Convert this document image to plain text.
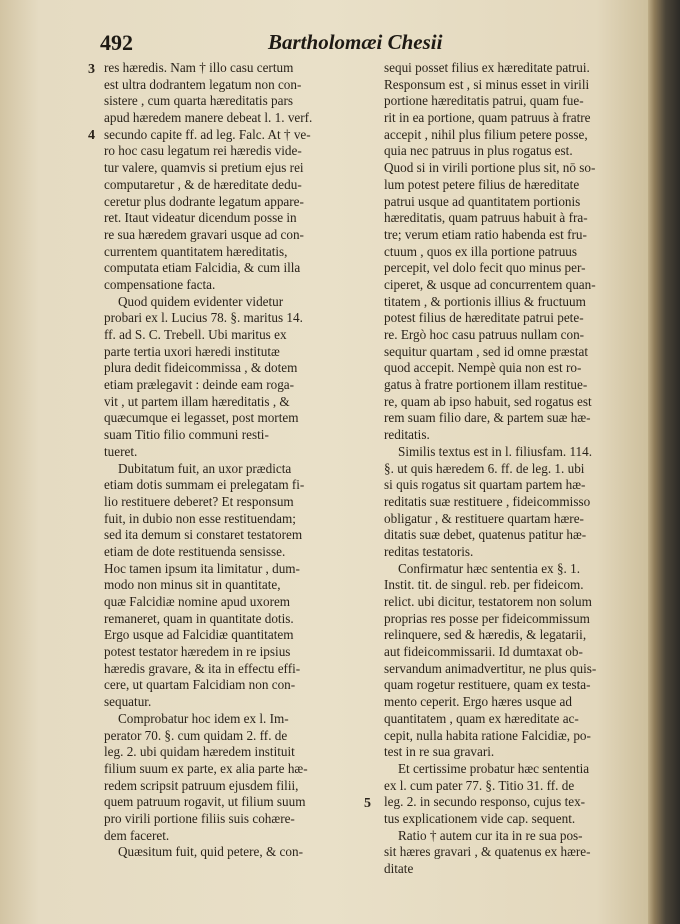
492	Bartholomæi Chesii
3
4
5
res hæredis. Nam † illo casu certum
est ultra dodrantem legatum non con-
sistere , cum quarta hæreditatis pars
apud hæredem manere debeat l. 1. verf.
secundo capite ff. ad leg. Falc. At † ve-
ro hoc casu legatum rei hæredis vide-
tur valere, quamvis si pretium ejus rei
computaretur , & de hæreditate dedu-
ceretur plus dodrante legatum appare-
ret. Itaut videatur dicendum posse in
re sua hæredem gravari usque ad con-
currentem quantitatem hæreditatis,
computata etiam Falcidia, & cum illa
compensatione facta.
Quod quidem evidenter videtur
probari ex l. Lucius 78. §. maritus 14.
ff. ad S. C. Trebell. Ubi maritus ex
parte tertia uxori hæredi institutæ
plura dedit fideicommissa , & dotem
etiam prælegavit : deinde eam roga-
vit , ut partem illam hæreditatis , &
quæcumque ei legasset, post mortem
suam Titio filio communi resti-
tueret.
Dubitatum fuit, an uxor prædicta
etiam dotis summam ei prelegatam fi-
lio restituere deberet? Et responsum
fuit, in dubio non esse restituendam;
sed ita demum si constaret testatorem
etiam de dote restituenda sensisse.
Hoc tamen ipsum ita limitatur , dum-
modo non minus sit in quantitate,
quæ Falcidiæ nomine apud uxorem
remaneret, quam in quantitate dotis.
Ergo usque ad Falcidiæ quantitatem
potest testator hæredem in re ipsius
hæredis gravare, & ita in effectu effi-
cere, ut quartam Falcidiam non con-
sequatur.
Comprobatur hoc idem ex l. Im-
perator 70. §. cum quidam 2. ff. de
leg. 2. ubi quidam hæredem instituit
filium suum ex parte, ex alia parte hæ-
redem scripsit patruum ejusdem filii,
quem patruum rogavit, ut filium suum
pro virili portione filiis suis cohære-
dem faceret.
Quæsitum fuit, quid petere, & con-
sequi posset filius ex hæreditate patrui.
Responsum est , si minus esset in virili
portione hæreditatis patrui, quam fue-
rit in ea portione, quam patruus à fratre
accepit , nihil plus filium petere posse,
quia nec patruus in plus rogatus est.
Quod si in virili portione plus sit, nō so-
lum potest petere filius de hæreditate
patrui usque ad quantitatem portionis
hæreditatis, quam patruus habuit à fra-
tre; verum etiam ratio habenda est fru-
ctuum , quos ex illa portione patruus
percepit, vel dolo fecit quo minus per-
ciperet, & usque ad concurrentem quan-
titatem , & portionis illius & fructuum
potest filius de hæreditate patrui pete-
re. Ergò hoc casu patruus nullam con-
sequitur quartam , sed id omne præstat
quod accepit. Nempè quia non est ro-
gatus à fratre portionem illam restitue-
re, quam ab ipso habuit, sed rogatus est
rem suam filio dare, & partem suæ hæ-
reditatis.
Similis textus est in l. filiusfam. 114.
§. ut quis hæredem 6. ff. de leg. 1. ubi
si quis rogatus sit quartam partem hæ-
reditatis suæ restituere , fideicommisso
obligatur , & restituere quartam hære-
ditatis suæ debet, quatenus patitur hæ-
reditas testatoris.
Confirmatur hæc sententia ex §. 1.
Instit. tit. de singul. reb. per fideicom.
relict. ubi dicitur, testatorem non solum
proprias res posse per fideicommissum
relinquere, sed & hæredis, & legatarii,
aut fideicommissarii. Id dumtaxat ob-
servandum animadvertitur, ne plus quis-
quam rogetur restituere, quam ex testa-
mento ceperit. Ergo hæres usque ad
quantitatem , quam ex hæreditate ac-
cepit, nulla habita ratione Falcidiæ, po-
test in re sua gravari.
Et certissime probatur hæc sententia
ex l. cum pater 77. §. Titio 31. ff. de
leg. 2. in secundo responso, cujus tex-
tus explicationem vide cap. sequent.
Ratio † autem cur ita in re sua pos-
sit hæres gravari , & quatenus ex hære-
ditate
